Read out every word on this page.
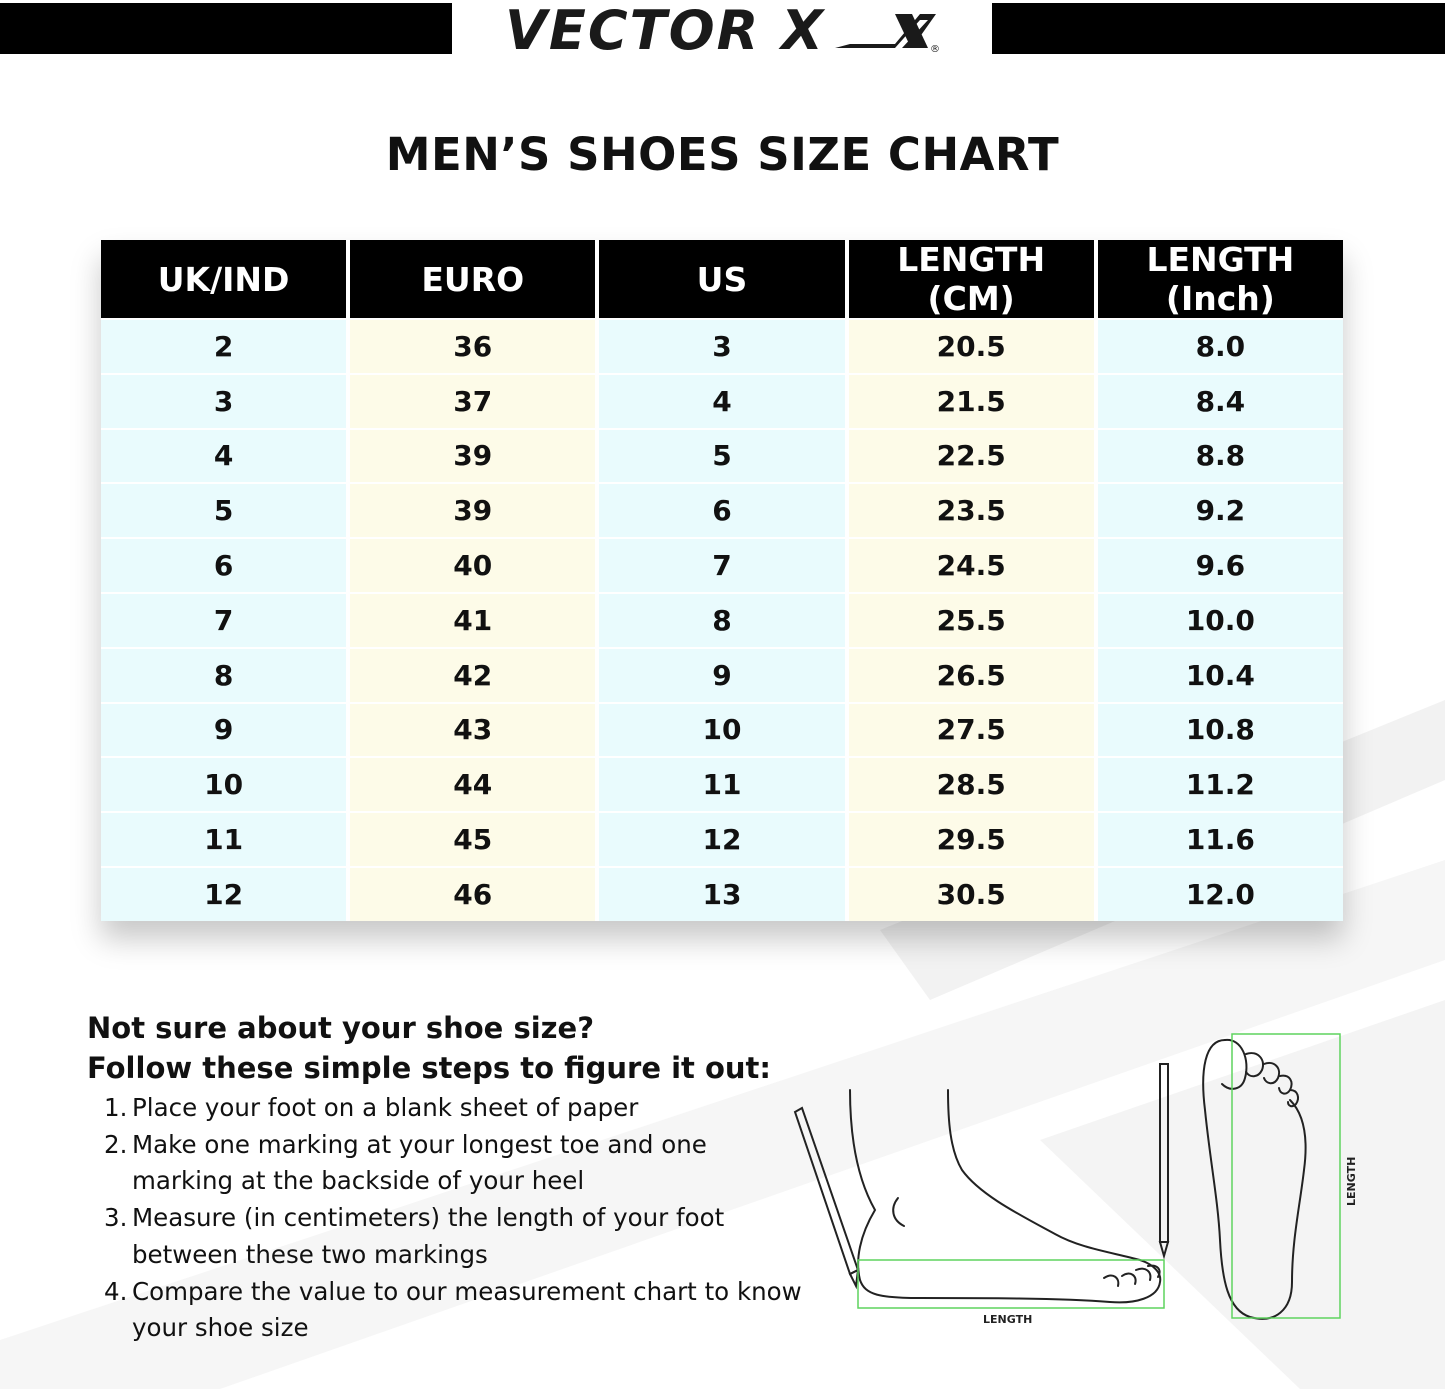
VECTOR X	®
MEN’S SHOES SIZE CHART
UK/IND	EURO	US	LENGTH (CM)	LENGTH (Inch)
2	36	3	20.5	8.0
3	37	4	21.5	8.4
4	39	5	22.5	8.8
5	39	6	23.5	9.2
6	40	7	24.5	9.6
7	41	8	25.5	10.0
8	42	9	26.5	10.4
9	43	10	27.5	10.8
10	44	11	28.5	11.2
11	45	12	29.5	11.6
12	46	13	30.5	12.0
Not sure about your shoe size?
Follow these simple steps to figure it out:
1. Place your foot on a blank sheet of paper
2. Make one marking at your longest toe and one marking at the backside of your heel
3. Measure (in centimeters) the length of your foot between these two markings
4. Compare the value to our measurement chart to know your shoe size	LENGTH
LENGTH
